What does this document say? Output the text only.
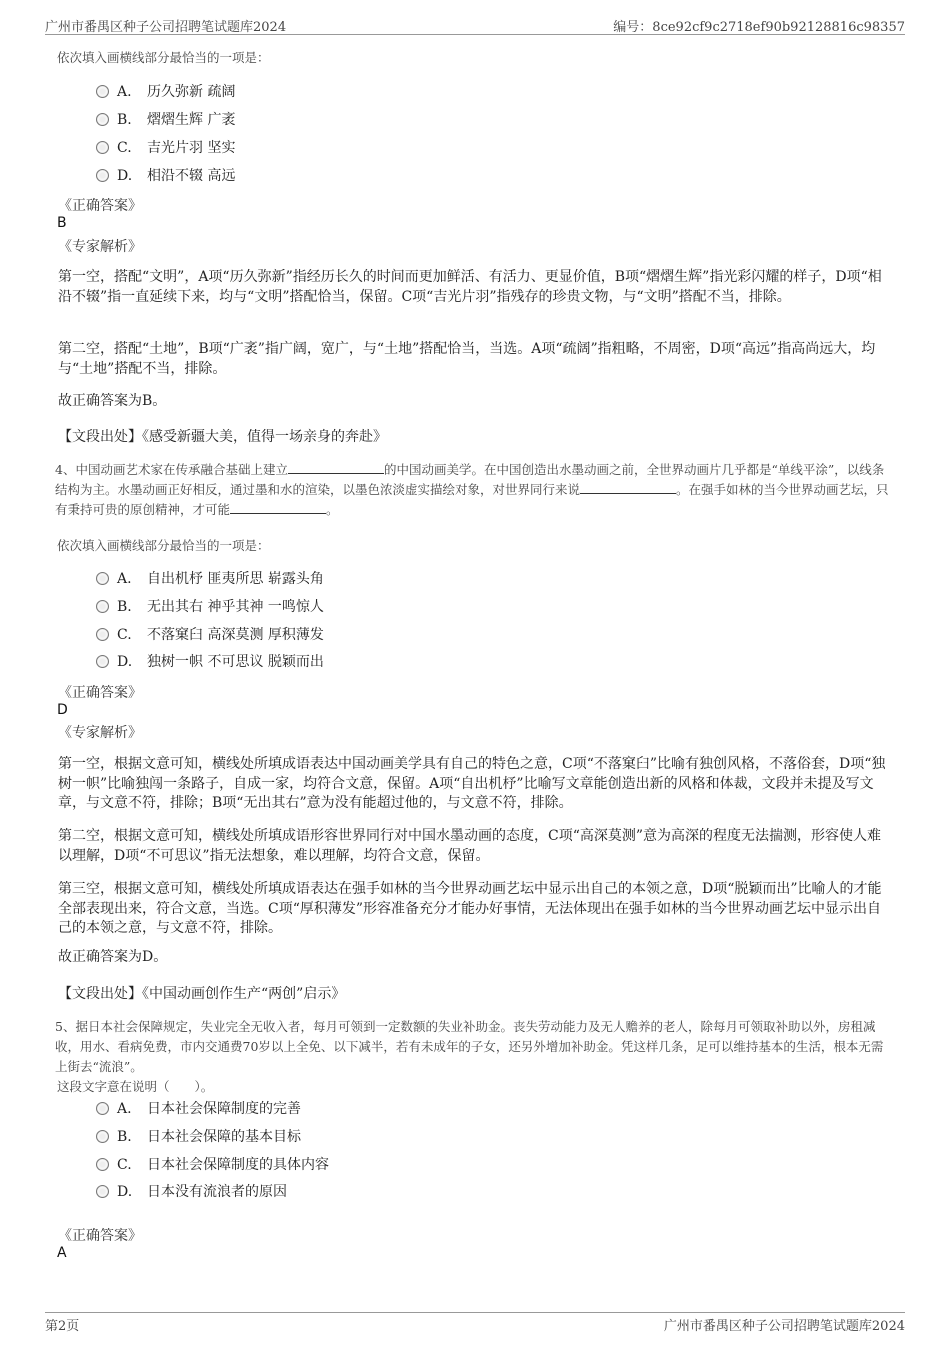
广州市番禺区种子公司招聘笔试题库2024	编号：8ce92cf9c2718ef90b92128816c98357
依次填入画横线部分最恰当的一项是：
A. 历久弥新 疏阔
B. 熠熠生辉 广袤
C. 吉光片羽 坚实
D. 相沿不辍 高远
《正确答案》
B
《专家解析》
第一空，搭配“文明”，A项“历久弥新”指经历长久的时间而更加鲜活、有活力、更显价值，B项“熠熠生辉”指光彩闪耀的样子，D项“相沿不辍”指一直延续下来，均与“文明”搭配恰当，保留。C项“吉光片羽”指残存的珍贵文物，与“文明”搭配不当，排除。
第二空，搭配“土地”，B项“广袤”指广阔，宽广，与“土地”搭配恰当，当选。A项“疏阔”指粗略，不周密，D项“高远”指高尚远大，均与“土地”搭配不当，排除。
故正确答案为B。
【文段出处】《感受新疆大美，值得一场亲身的奔赴》
4、中国动画艺术家在传承融合基础上建立	的中国动画美学。在中国创造出水墨动画之前，全世界动画片几乎都是“单线平涂”，以线条结构为主。水墨动画正好相反，通过墨和水的渲染，以墨色浓淡虚实描绘对象，对世界同行来说	。在强手如林的当今世界动画艺坛，只有秉持可贵的原创精神，才可能	。
依次填入画横线部分最恰当的一项是：
A. 自出机杼 匪夷所思 崭露头角
B. 无出其右 神乎其神 一鸣惊人
C. 不落窠臼 高深莫测 厚积薄发
D. 独树一帜 不可思议 脱颖而出
《正确答案》
D
《专家解析》
第一空，根据文意可知，横线处所填成语表达中国动画美学具有自己的特色之意，C项“不落窠臼”比喻有独创风格，不落俗套，D项“独树一帜”比喻独闯一条路子，自成一家，均符合文意，保留。A项“自出机杼”比喻写文章能创造出新的风格和体裁，文段并未提及写文章，与文意不符，排除；B项“无出其右”意为没有能超过他的，与文意不符，排除。
第二空，根据文意可知，横线处所填成语形容世界同行对中国水墨动画的态度，C项“高深莫测”意为高深的程度无法揣测，形容使人难以理解，D项“不可思议”指无法想象，难以理解，均符合文意，保留。
第三空，根据文意可知，横线处所填成语表达在强手如林的当今世界动画艺坛中显示出自己的本领之意，D项“脱颖而出”比喻人的才能全部表现出来，符合文意，当选。C项“厚积薄发”形容准备充分才能办好事情，无法体现出在强手如林的当今世界动画艺坛中显示出自己的本领之意，与文意不符，排除。
故正确答案为D。
【文段出处】《中国动画创作生产“两创”启示》
5、据日本社会保障规定，失业完全无收入者，每月可领到一定数额的失业补助金。丧失劳动能力及无人赡养的老人，除每月可领取补助以外，房租减收，用水、看病免费，市内交通费70岁以上全免、以下减半，若有未成年的子女，还另外增加补助金。凭这样几条，足可以维持基本的生活，根本无需上街去“流浪”。
这段文字意在说明（　　）。
A. 日本社会保障制度的完善
B. 日本社会保障的基本目标
C. 日本社会保障制度的具体内容
D. 日本没有流浪者的原因
《正确答案》
A
第2页	广州市番禺区种子公司招聘笔试题库2024
